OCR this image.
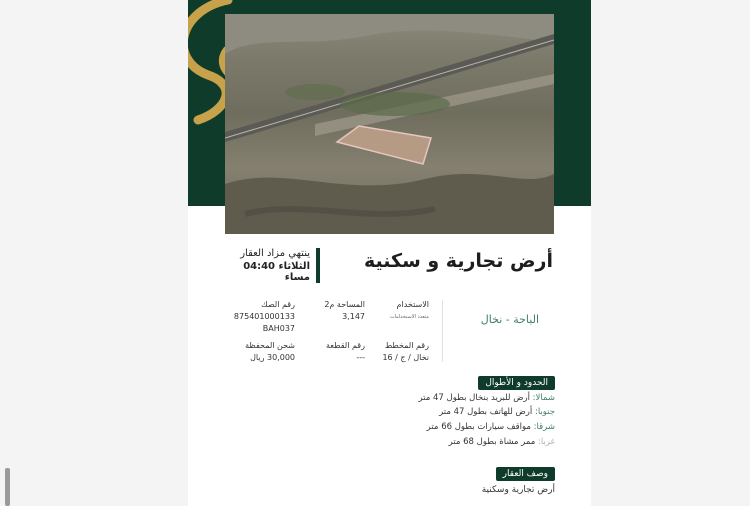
أرض تجارية و سكنية
ينتهي مزاد العقار
الثلاثاء 04:40 مساء
الباحة - نخال
الاستخدام
متعدد الاستخدامات
المساحة م2
3,147
رقم الصك
875401000133
BAH037
رقم المخطط
نخال / ج / 16
رقم القطعة
---
شحن المحفظة
30,000 ريال
الحدود و الأطوال
شمالا: أرض للبريد بنخال بطول 47 متر
جنوبا: أرض للهاتف بطول 47 متر
شرقا: مواقف سيارات بطول 66 متر
غربا: ممر مشاة بطول 68 متر
وصف العقار
أرض تجارية وسكنية
